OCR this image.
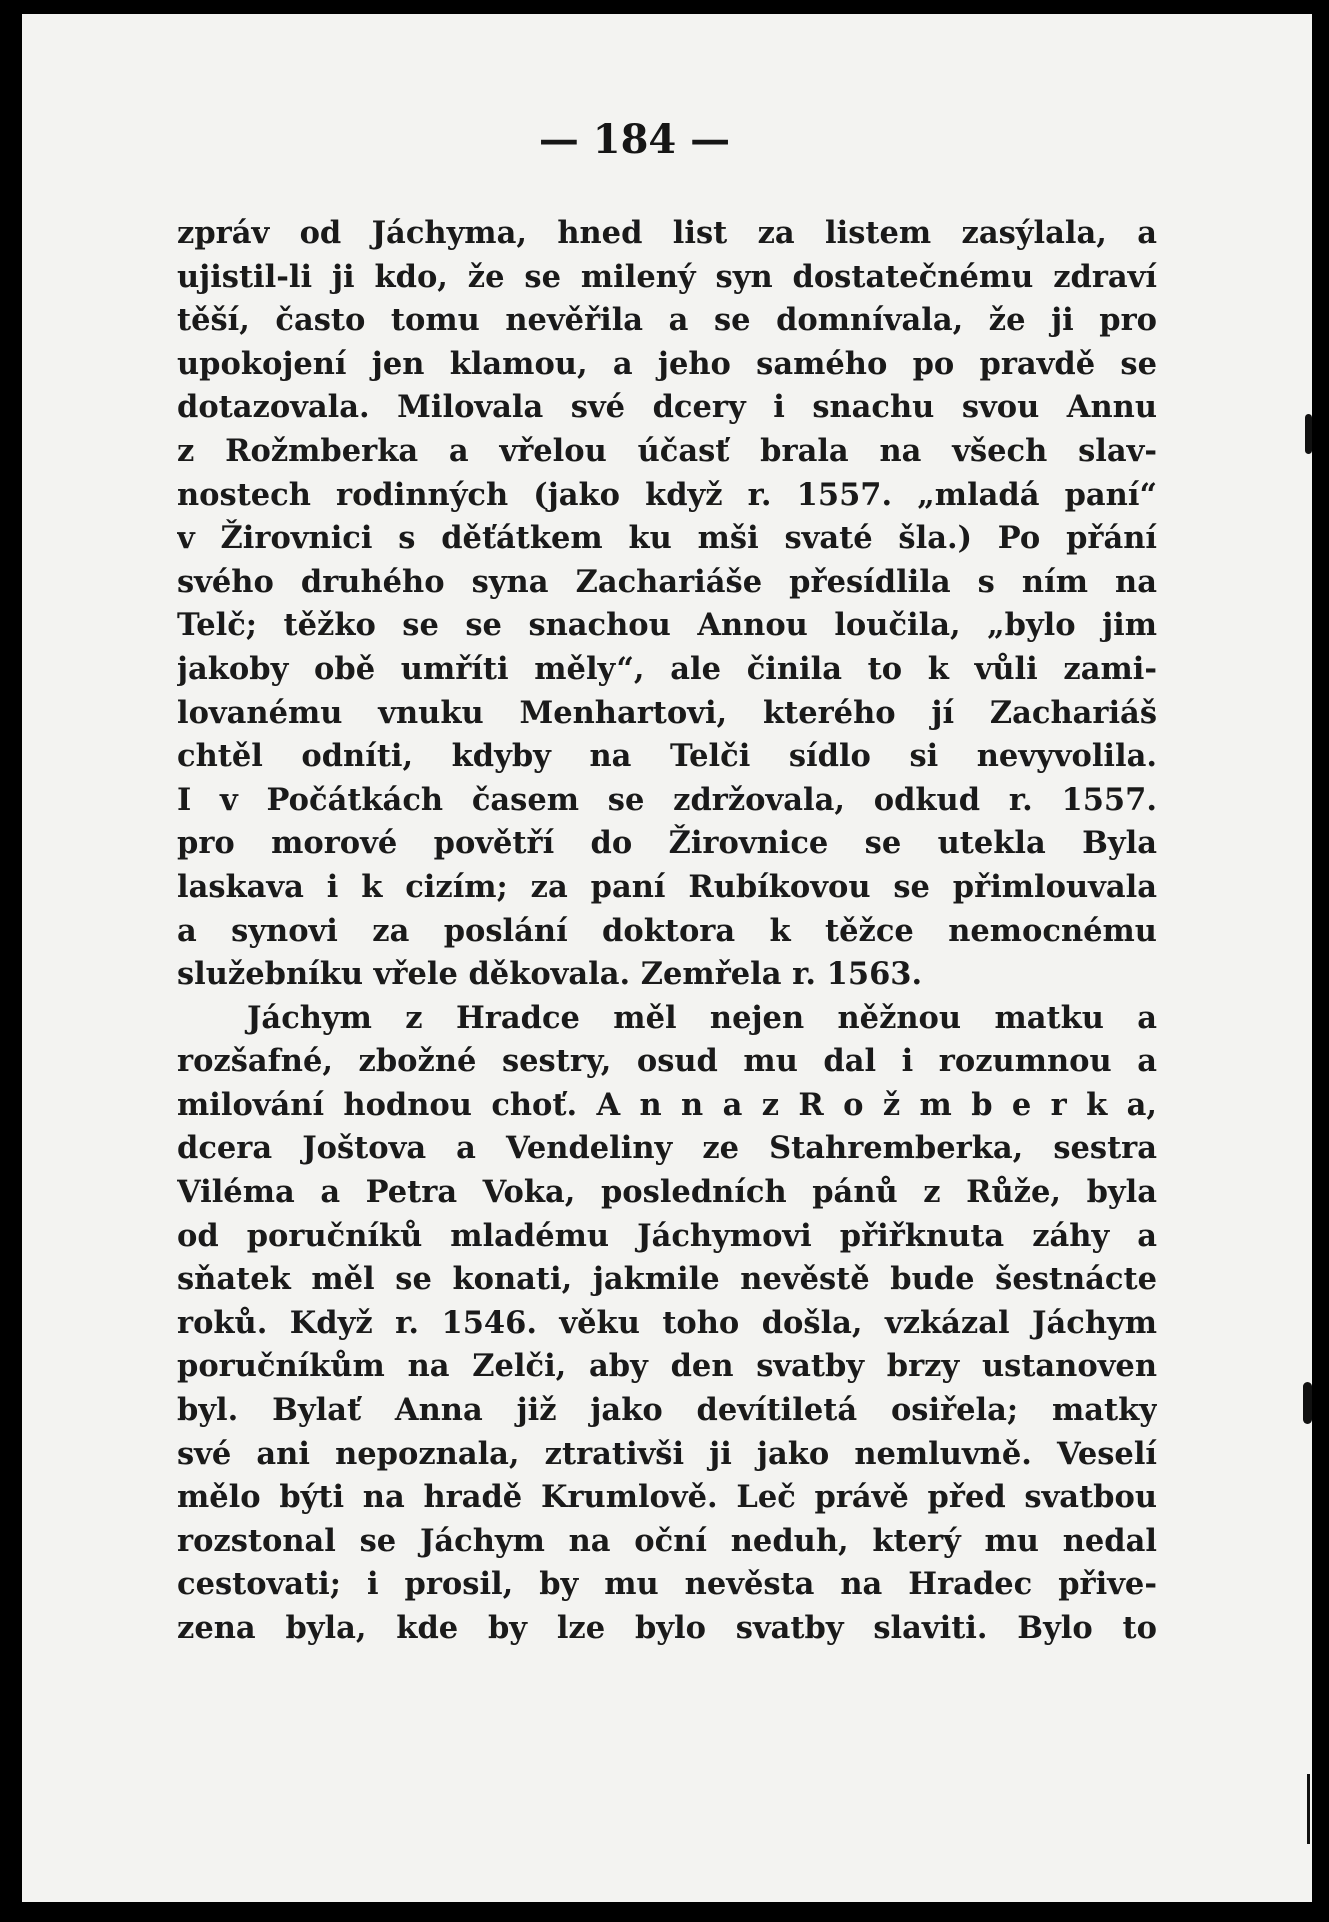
— 184 —

zpráv od Jáchyma, hned list za listem zasýlala, a
ujistil-li ji kdo, že se milený syn dostatečnému zdraví
těší, často tomu nevěřila a se domnívala, že ji pro
upokojení jen klamou, a jeho samého po pravdě se
dotazovala. Milovala své dcery i snachu svou Annu
z Rožmberka a vřelou účasť brala na všech slav-
nostech rodinných (jako když r. 1557. „mladá paní“
v Žirovnici s děťátkem ku mši svaté šla.) Po přání
svého druhého syna Zachariáše přesídlila s ním na
Telč; těžko se se snachou Annou loučila, „bylo jim
jakoby obě umříti měly“, ale činila to k vůli zami-
lovanému vnuku Menhartovi, kterého jí Zachariáš
chtěl odníti, kdyby na Telči sídlo si nevyvolila.
I v Počátkách časem se zdržovala, odkud r. 1557.
pro morové povětří do Žirovnice se utekla Byla
laskava i k cizím; za paní Rubíkovou se přimlouvala
a synovi za poslání doktora k těžce nemocnému
služebníku vřele děkovala. Zemřela r. 1563.
Jáchym z Hradce měl nejen něžnou matku a
rozšafné, zbožné sestry, osud mu dal i rozumnou a
milování hodnou choť. A n n a z R o ž m b e r k a,
dcera Joštova a Vendeliny ze Stahremberka, sestra
Viléma a Petra Voka, posledních pánů z Růže, byla
od poručníků mladému Jáchymovi přiřknuta záhy a
sňatek měl se konati, jakmile nevěstě bude šestnácte
roků. Když r. 1546. věku toho došla, vzkázal Jáchym
poručníkům na Zelči, aby den svatby brzy ustanoven
byl. Bylať Anna již jako devítiletá osiřela; matky
své ani nepoznala, ztrativši ji jako nemluvně. Veselí
mělo býti na hradě Krumlově. Leč právě před svatbou
rozstonal se Jáchym na oční neduh, který mu nedal
cestovati; i prosil, by mu nevěsta na Hradec přive-
zena byla, kde by lze bylo svatby slaviti. Bylo to
